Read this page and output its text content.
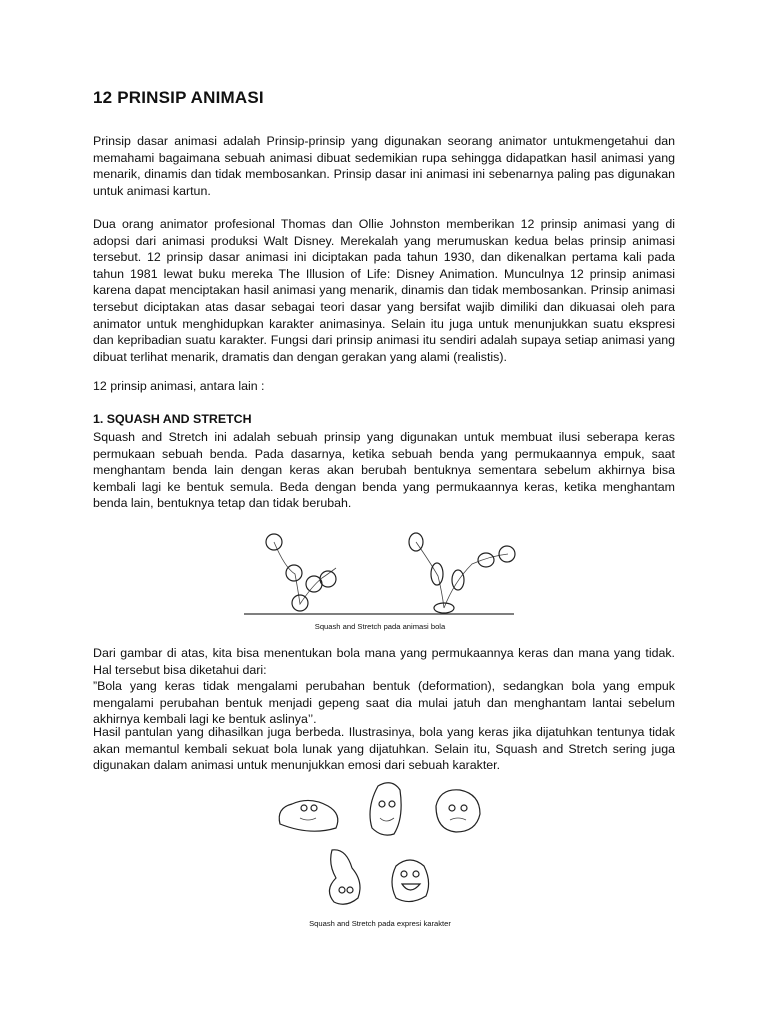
12 PRINSIP ANIMASI

Prinsip dasar animasi adalah Prinsip-prinsip yang digunakan seorang animator untukmengetahui dan memahami bagaimana sebuah animasi dibuat sedemikian rupa sehingga didapatkan hasil animasi yang menarik, dinamis dan tidak membosankan. Prinsip dasar ini animasi ini sebenarnya paling pas digunakan untuk animasi kartun.

Dua orang animator profesional Thomas dan Ollie Johnston memberikan 12 prinsip animasi yang di adopsi dari animasi produksi Walt Disney. Merekalah yang merumuskan kedua belas prinsip animasi tersebut. 12 prinsip dasar animasi ini diciptakan pada tahun 1930, dan dikenalkan pertama kali pada tahun 1981 lewat buku mereka The Illusion of Life: Disney Animation. Munculnya 12 prinsip animasi karena dapat menciptakan hasil animasi yang menarik, dinamis dan tidak membosankan. Prinsip animasi tersebut diciptakan atas dasar sebagai teori dasar yang bersifat wajib dimiliki dan dikuasai oleh para animator untuk menghidupkan karakter animasinya. Selain itu juga untuk menunjukkan suatu ekspresi dan kepribadian suatu karakter. Fungsi dari prinsip animasi itu sendiri adalah supaya setiap animasi yang dibuat terlihat menarik, dramatis dan dengan gerakan yang alami (realistis).

12 prinsip animasi, antara lain :

1. SQUASH AND STRETCH

Squash and Stretch ini adalah sebuah prinsip yang digunakan untuk membuat ilusi seberapa keras permukaan sebuah benda. Pada dasarnya, ketika sebuah benda yang permukaannya empuk, saat menghantam benda lain dengan keras akan berubah bentuknya sementara sebelum akhirnya bisa kembali lagi ke bentuk semula. Beda dengan benda yang permukaannya keras, ketika menghantam benda lain, bentuknya tetap dan tidak berubah.

Squash and Stretch pada animasi bola

Dari gambar di atas, kita bisa menentukan bola mana yang permukaannya keras dan mana yang tidak. Hal tersebut bisa diketahui dari:

”Bola yang keras tidak mengalami perubahan bentuk (deformation), sedangkan bola yang empuk mengalami perubahan bentuk menjadi gepeng saat dia mulai jatuh dan menghantam lantai sebelum akhirnya kembali lagi ke bentuk aslinya’’.

Hasil pantulan yang dihasilkan juga berbeda. Ilustrasinya, bola yang keras jika dijatuhkan tentunya tidak akan memantul kembali sekuat bola lunak yang dijatuhkan. Selain itu, Squash and Stretch sering juga digunakan dalam animasi untuk menunjukkan emosi dari sebuah karakter.

Squash and Stretch pada expresi karakter
